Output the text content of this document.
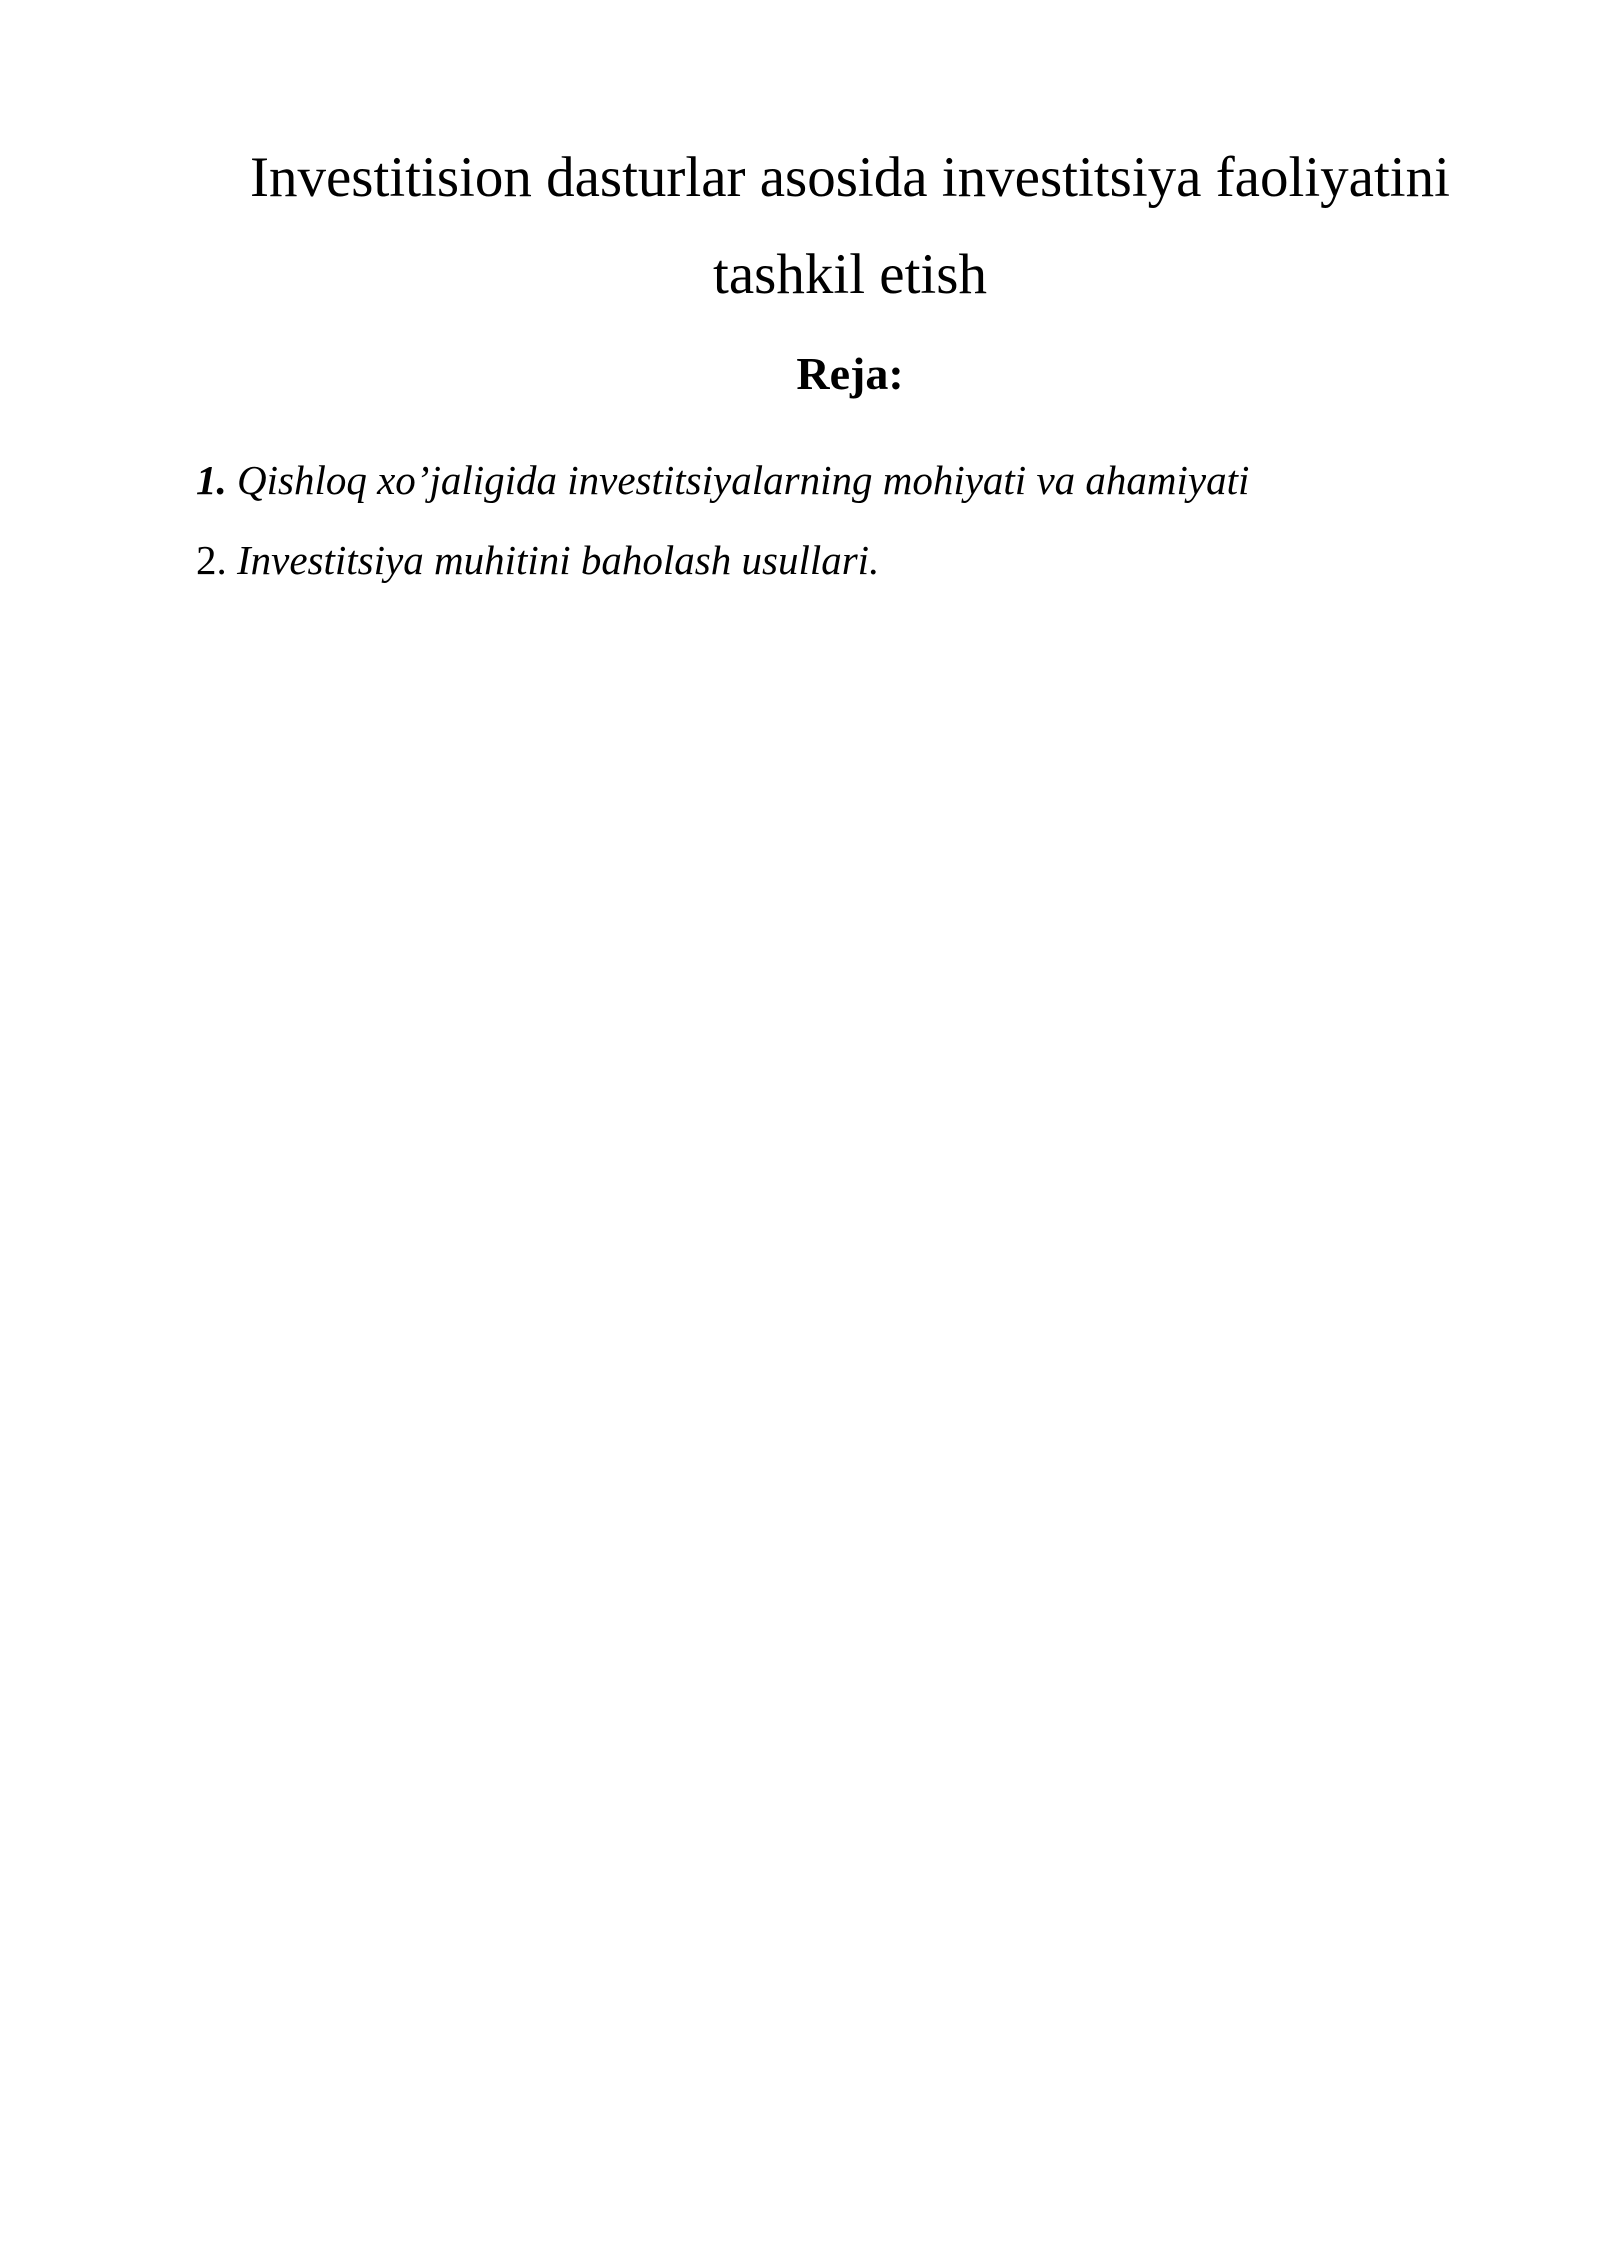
Investitision dasturlar asosida investitsiya faoliyatini
tashkil etish
Reja:
1. Qishloq xo’jaligida investitsiyalarning mohiyati va ahamiyati
2. Investitsiya muhitini baholash usullari.
